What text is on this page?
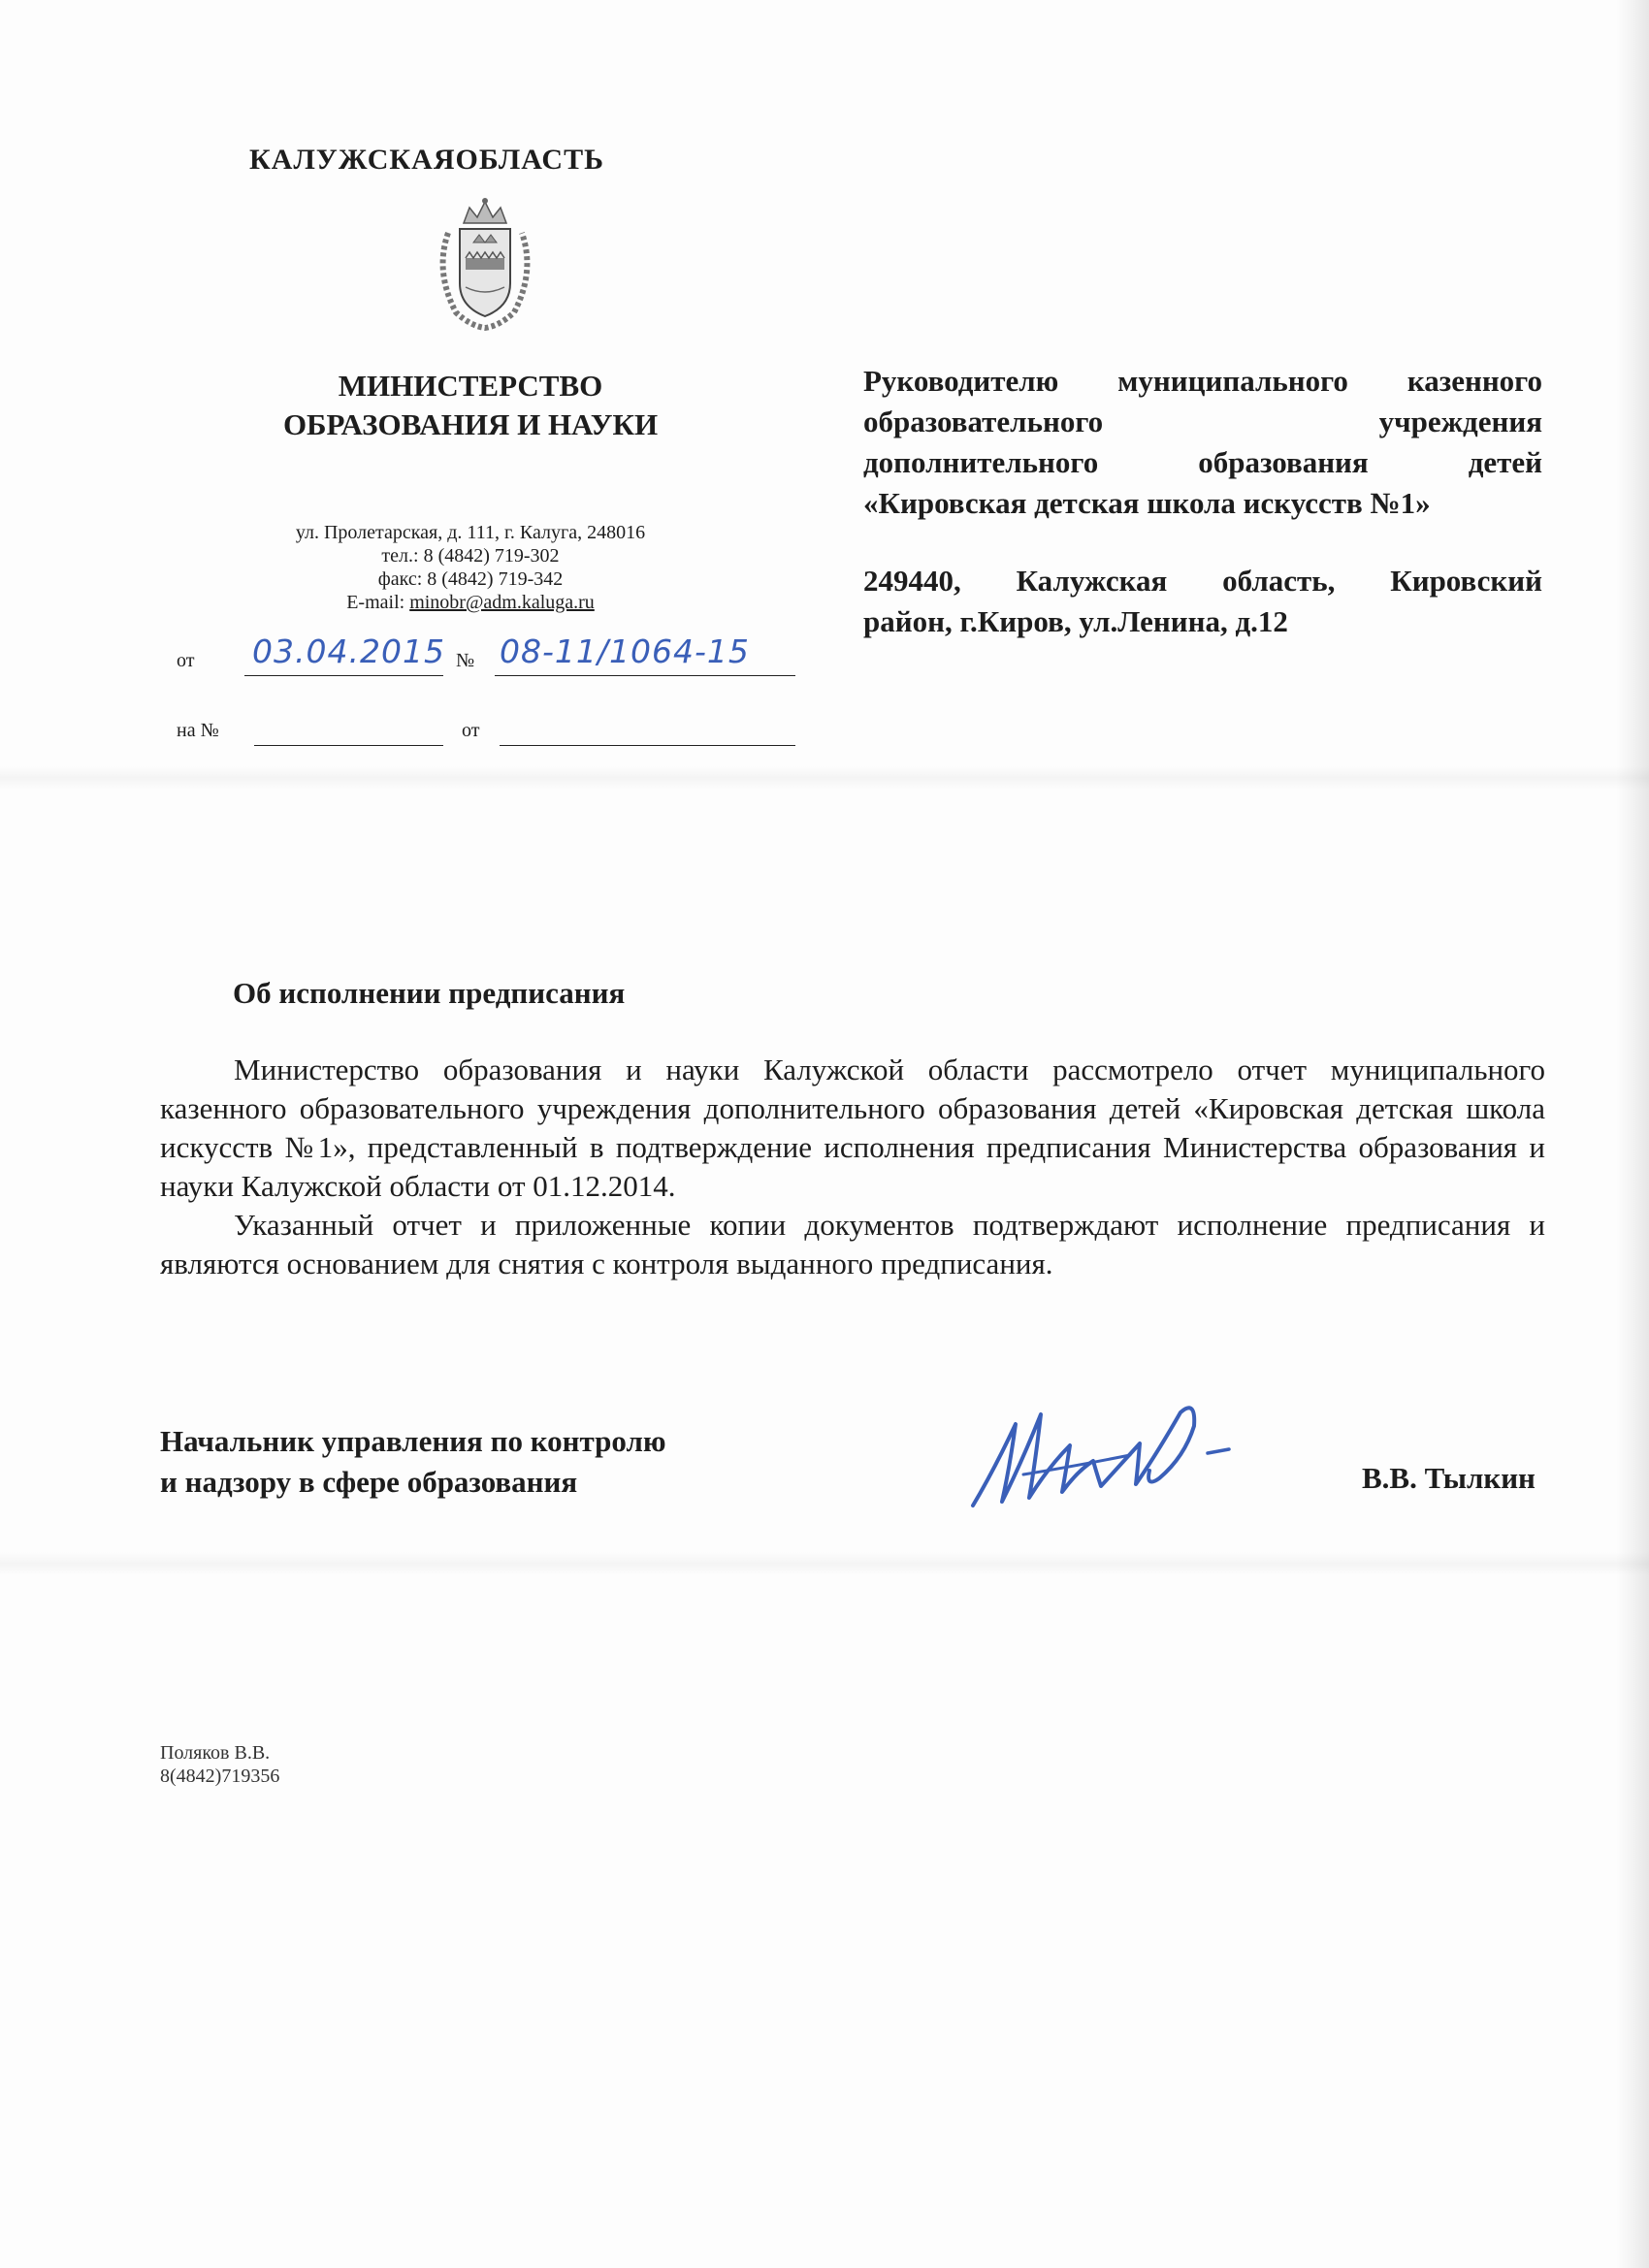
КАЛУЖСКАЯОБЛАСТЬ
МИНИСТЕРСТВО
ОБРАЗОВАНИЯ И НАУКИ
ул. Пролетарская, д. 111, г. Калуга, 248016
тел.: 8 (4842) 719-302
факс: 8 (4842) 719-342
E-mail: minobr@adm.kaluga.ru
от 03.04.2015 № 08-11/1064-15
на №	от
Руководителю муниципального казенного
образовательного учреждения
дополнительного образования детей
«Кировская детская школа искусств №1»
249440, Калужская область, Кировский
район, г.Киров, ул.Ленина, д.12
Об исполнении предписания

Министерство образования и науки Калужской области рассмотрело отчет муниципального казенного образовательного учреждения дополнительного образования детей «Кировская детская школа искусств №1», представленный в подтверждение исполнения предписания Министерства образования и науки Калужской области от 01.12.2014.

Указанный отчет и приложенные копии документов подтверждают исполнение предписания и являются основанием для снятия с контроля выданного предписания.

Начальник управления по контролю
и надзору в сфере образования	В.В. Тылкин
Поляков В.В.
8(4842)719356
